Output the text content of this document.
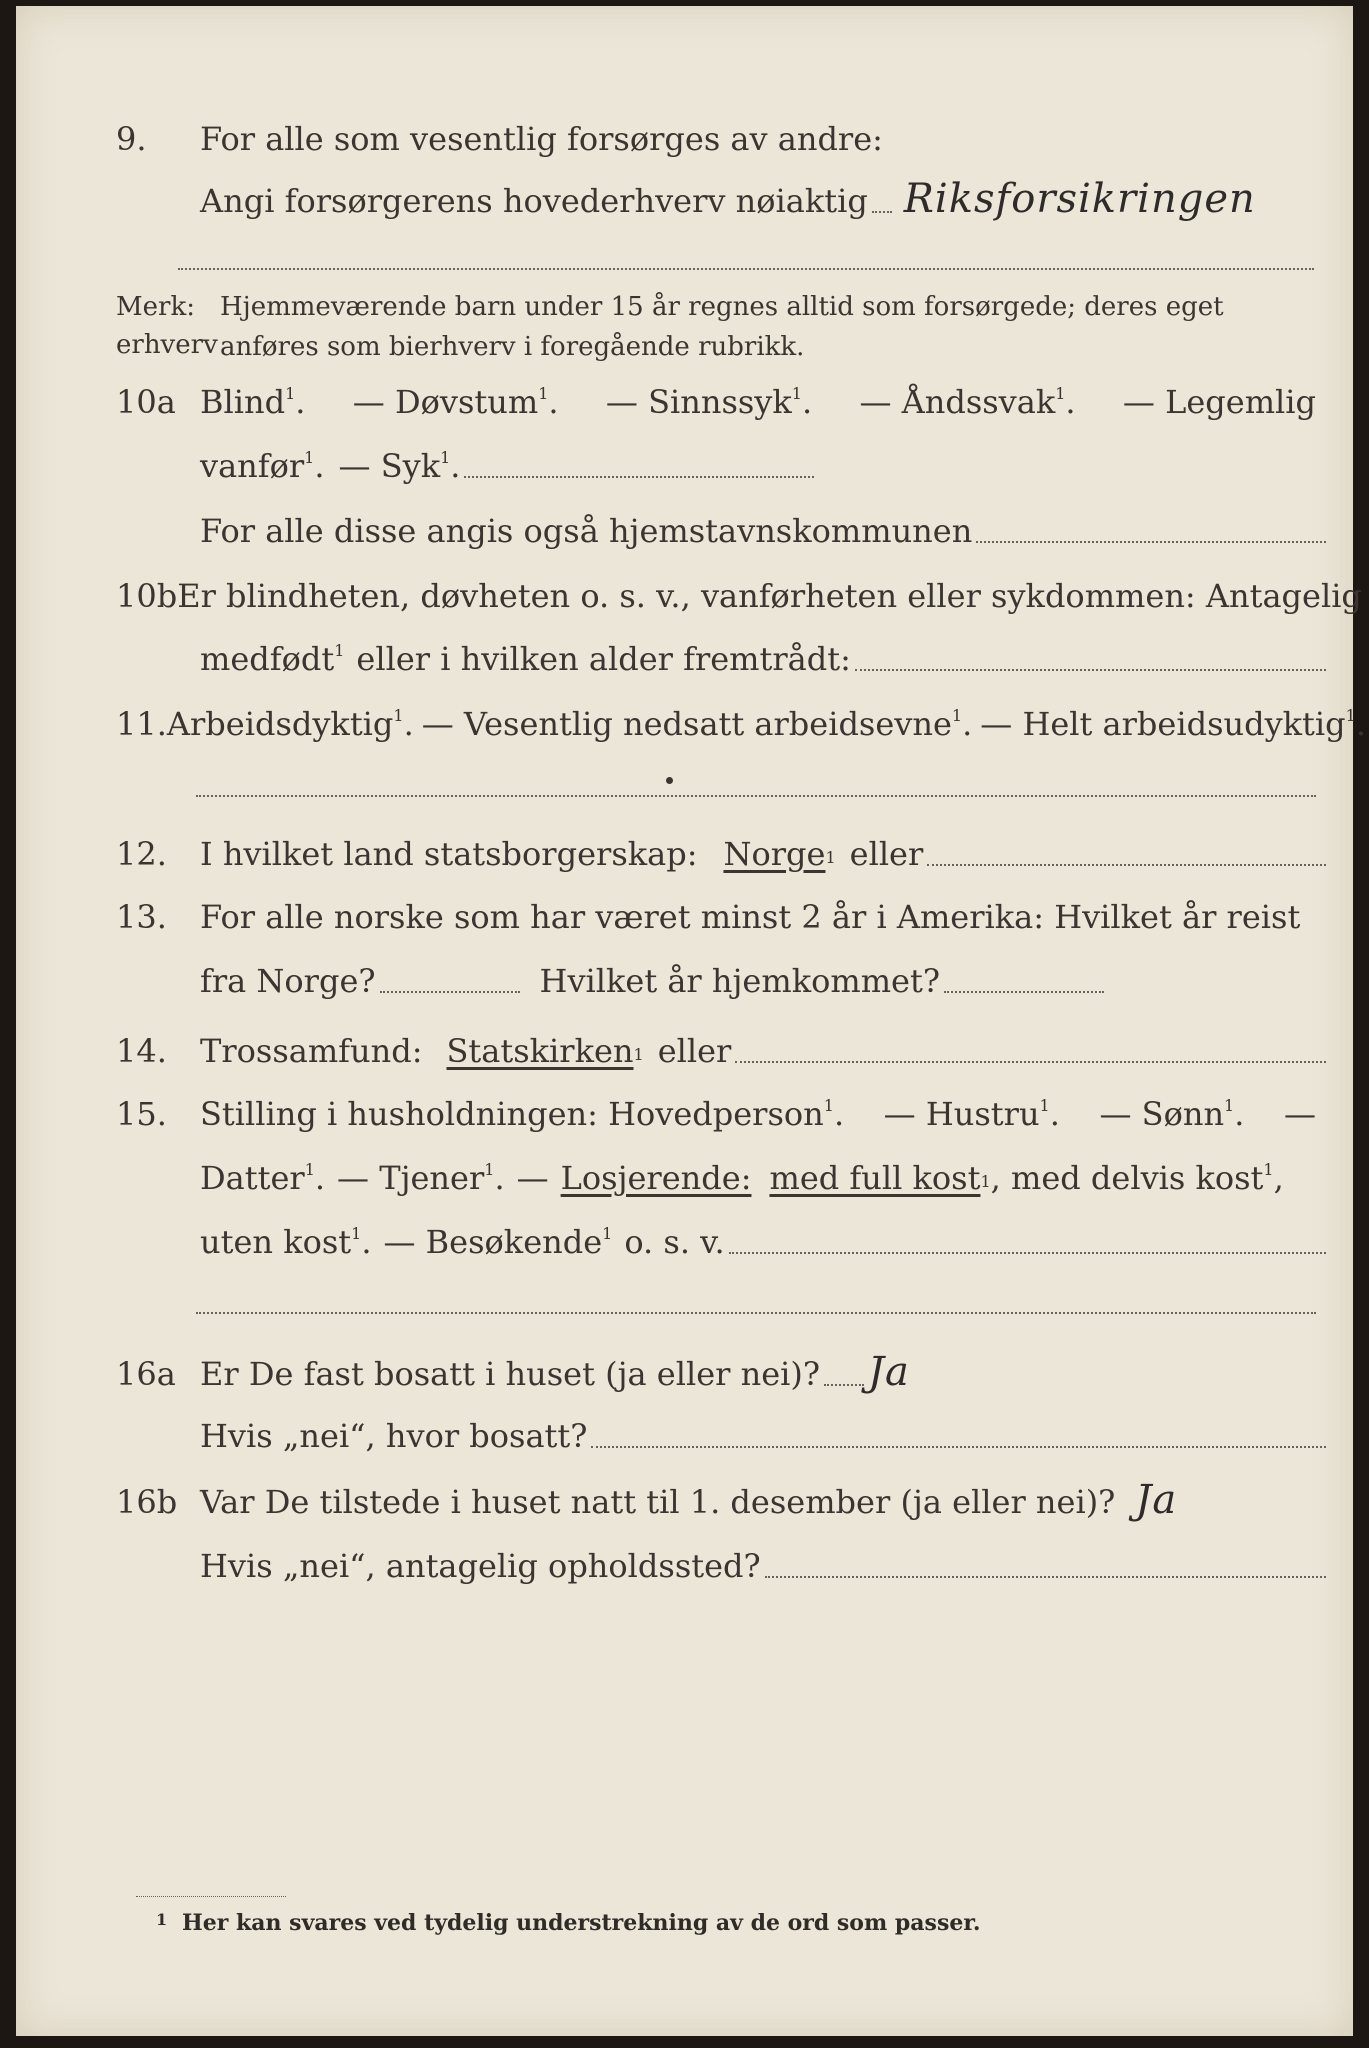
9.	For alle som vesentlig forsørges av andre:
Angi forsørgerens hovederhverv nøiaktig Riksforsikringen
Merk: Hjemmeværende barn under 15 år regnes alltid som forsørgede; deres eget erhverv anføres som bierhverv i foregående rubrikk.
10a Blind$^1$. — Døvstum$^1$. — Sinnssyk$^1$. — Åndssvak$^1$. — Legemlig
vanfør$^1$. — Syk$^1$.
For alle disse angis også hjemstavnskommunen
10b Er blindheten, døvheten o. s. v., vanførheten eller sykdommen: Antagelig
medfødt$^1$ eller i hvilken alder fremtrådt:
11. Arbeidsdyktig$^1$. — Vesentlig nedsatt arbeidsevne$^1$. — Helt arbeidsudyktig$^1$.
12.	I hvilket land statsborgerskap: Norge$^1$ eller
13.	For alle norske som har været minst 2 år i Amerika: Hvilket år reist
fra Norge?	Hvilket år hjemkommet?
14.	Trossamfund: Statskirken$^1$ eller
15.	Stilling i husholdningen: Hovedperson$^1$. — Hustru$^1$. — Sønn$^1$. —
Datter$^1$. — Tjener$^1$. — Losjerende: med full kost$^1$ , med delvis kost$^1$,
uten kost$^1$. — Besøkende$^1$ o. s. v.
16a Er De fast bosatt i huset (ja eller nei)? Ja
Hvis „nei“, hvor bosatt?
16b Var De tilstede i huset natt til 1. desember (ja eller nei)? Ja
Hvis „nei“, antagelig opholdssted?
1 Her kan svares ved tydelig understrekning av de ord som passer.
